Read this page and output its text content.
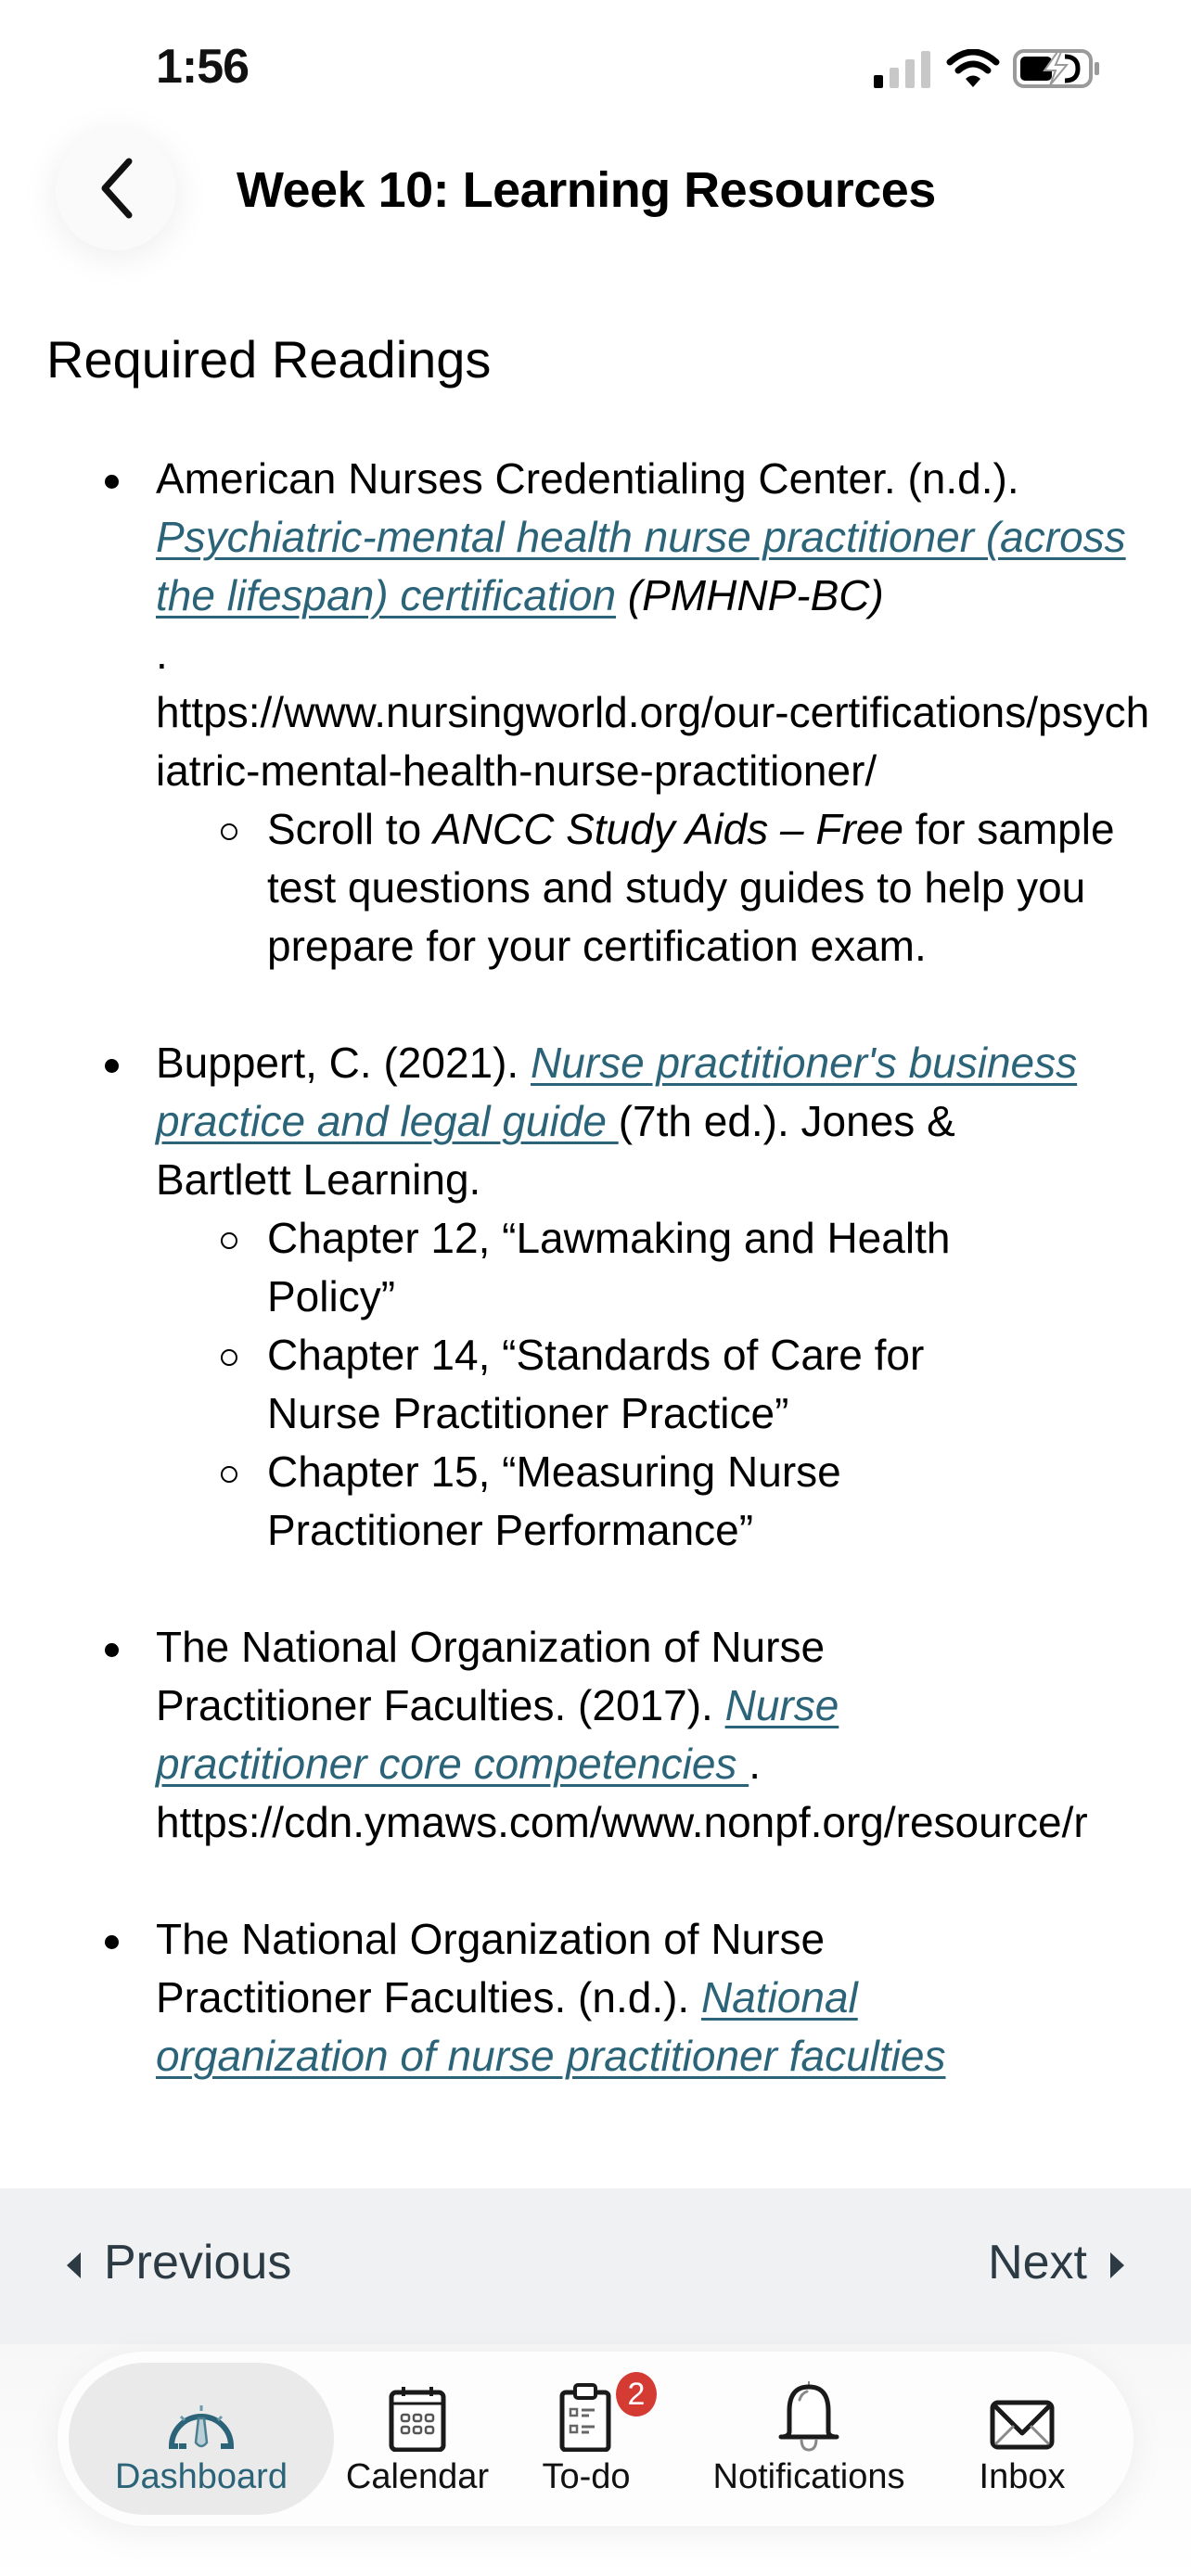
1:56
Week 10: Learning Resources
Required Readings
American Nurses Credentialing Center. (n.d.). Psychiatric-mental health nurse practitioner (across the lifespan) certification (PMHNP-BC)
.
https://www.nursingworld.org/our-certifications/psychiatric-mental-health-nurse-practitioner/
Scroll to ANCC Study Aids – Free for sample test questions and study guides to help you prepare for your certification exam.
Buppert, C. (2021). Nurse practitioner's business practice and legal guide (7th ed.). Jones & Bartlett Learning.
Chapter 12, “Lawmaking and Health Policy”
Chapter 14, “Standards of Care for Nurse Practitioner Practice”
Chapter 15, “Measuring Nurse Practitioner Performance”
The National Organization of Nurse Practitioner Faculties. (2017). Nurse practitioner core competencies .
https://cdn.ymaws.com/www.nonpf.org/resource/r
The National Organization of Nurse Practitioner Faculties. (n.d.). National organization of nurse practitioner faculties
Previous	Next
Dashboard Calendar
2
To-do Notifications Inbox
